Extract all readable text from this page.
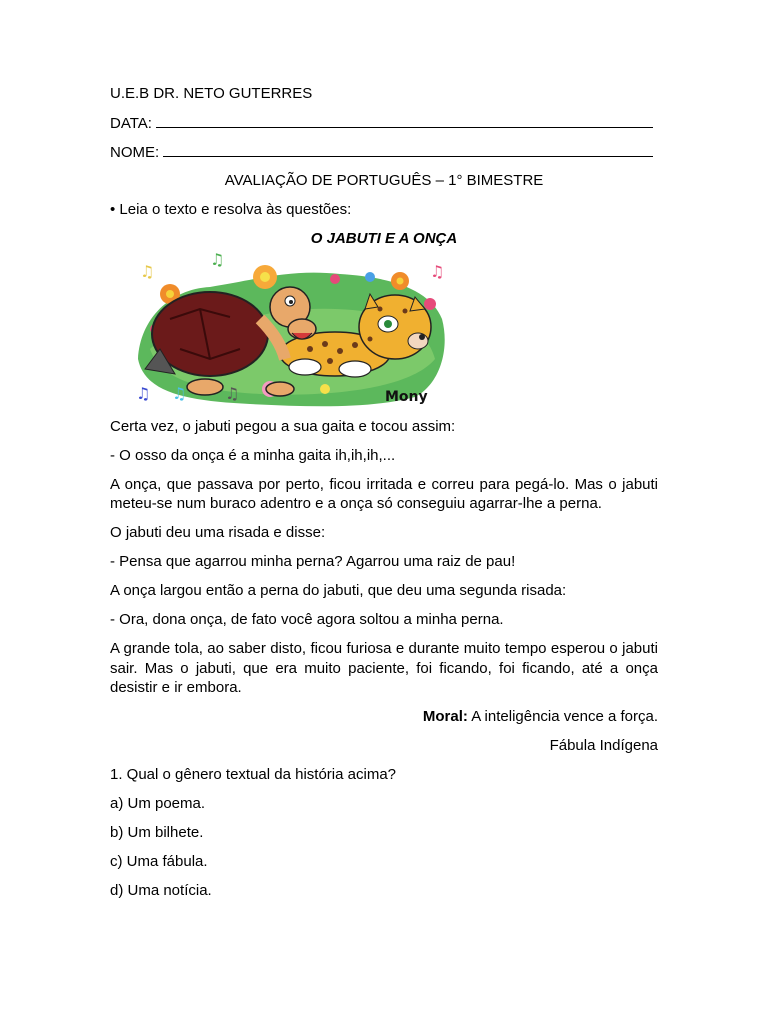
U.E.B DR. NETO GUTERRES
DATA:
NOME:
AVALIAÇÃO DE PORTUGUÊS – 1° BIMESTRE
• Leia o texto e resolva às questões:
O JABUTI E A ONÇA
♫
♫
♫
♫ ♫ ♫	Mony

Certa vez, o jabuti pegou a sua gaita e tocou assim:

- O osso da onça é a minha gaita ih,ih,ih,...

A onça, que passava por perto, ficou irritada e correu para pegá-lo. Mas o jabuti meteu-se num buraco adentro e a onça só conseguiu agarrar-lhe a perna.

O jabuti deu uma risada e disse:

- Pensa que agarrou minha perna? Agarrou uma raiz de pau!

A onça largou então a perna do jabuti, que deu uma segunda risada:

- Ora, dona onça, de fato você agora soltou a minha perna.

A grande tola, ao saber disto, ficou furiosa e durante muito tempo esperou o jabuti sair. Mas o jabuti, que era muito paciente, foi ficando, foi ficando, até a onça desistir e ir embora.

Moral: A inteligência vence a força.

Fábula Indígena

1. Qual o gênero textual da história acima?

a) Um poema.

b) Um bilhete.

c) Uma fábula.

d) Uma notícia.
